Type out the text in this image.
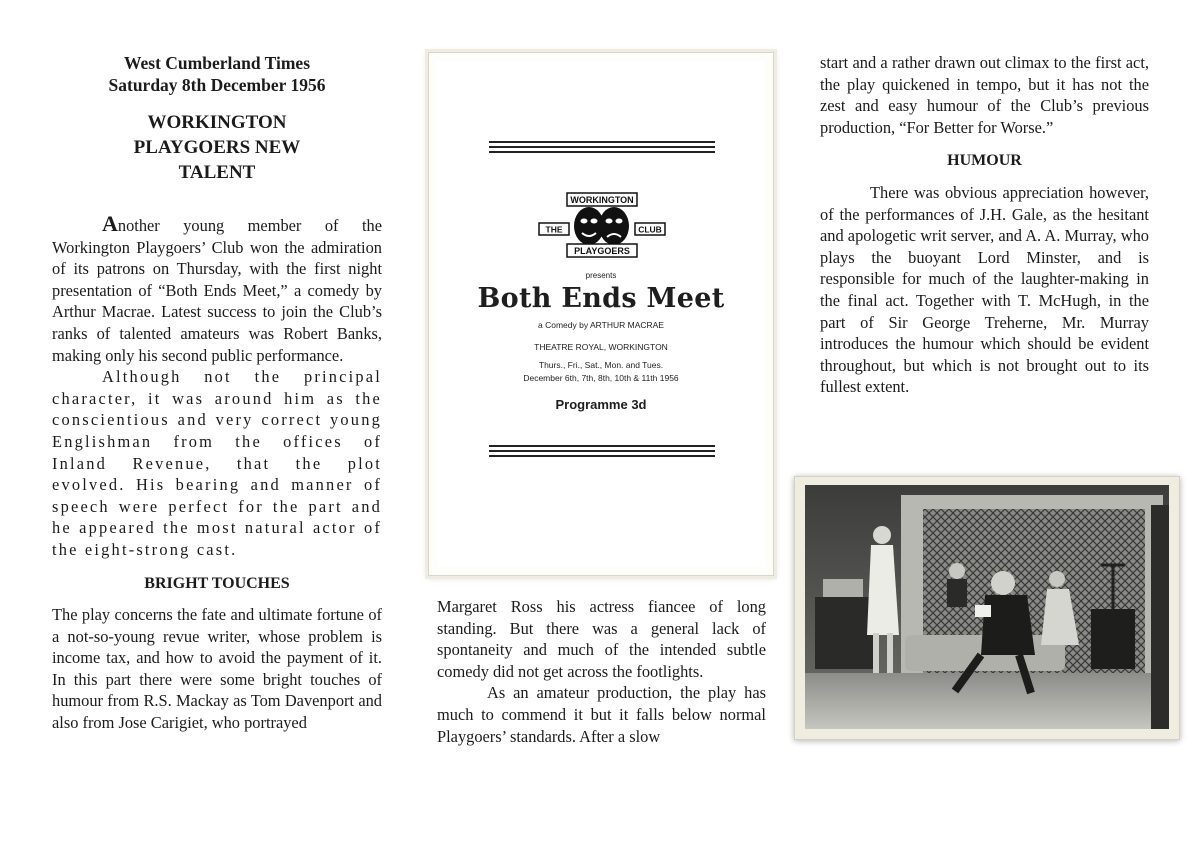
West Cumberland Times

Saturday 8th December 1956

WORKINGTON
PLAYGOERS NEW
TALENT

Another young member of the Workington Playgoers’ Club won the admiration of its patrons on Thursday, with the first night presentation of “Both Ends Meet,” a comedy by Arthur Macrae. Latest success to join the Club’s ranks of talented amateurs was Robert Banks, making only his second public performance.

Although not the principal character, it was around him as the conscientious and very correct young Englishman from the offices of Inland Revenue, that the plot evolved. His bearing and manner of speech were perfect for the part and he appeared the most natural actor of the eight-strong cast.

BRIGHT TOUCHES

The play concerns the fate and ultimate fortune of a not-so-young revue writer, whose problem is income tax, and how to avoid the payment of it. In this part there were some bright touches of humour from R.S. Mackay as Tom Davenport and also from Jose Carigiet, who portrayed

WORKINGTON
THE	CLUB
PLAYGOERS
presents
Both Ends Meet
a Comedy by ARTHUR MACRAE
THEATRE ROYAL, WORKINGTON
Thurs., Fri., Sat., Mon. and Tues.
December 6th, 7th, 8th, 10th & 11th 1956
Programme 3d

Margaret Ross his actress fiancee of long standing. But there was a general lack of spontaneity and much of the intended subtle comedy did not get across the footlights.

As an amateur production, the play has much to commend it but it falls below normal Playgoers’ standards. After a slow

start and a rather drawn out climax to the first act, the play quickened in tempo, but it has not the zest and easy humour of the Club’s previous production, “For Better for Worse.”

HUMOUR

There was obvious appreciation however, of the performances of J.H. Gale, as the hesitant and apologetic writ server, and A. A. Murray, who plays the buoyant Lord Minster, and is responsible for much of the laughter-making in the final act. Together with T. McHugh, in the part of Sir George Treherne, Mr. Murray introduces the humour which should be evident throughout, but which is not brought out to its fullest extent.
